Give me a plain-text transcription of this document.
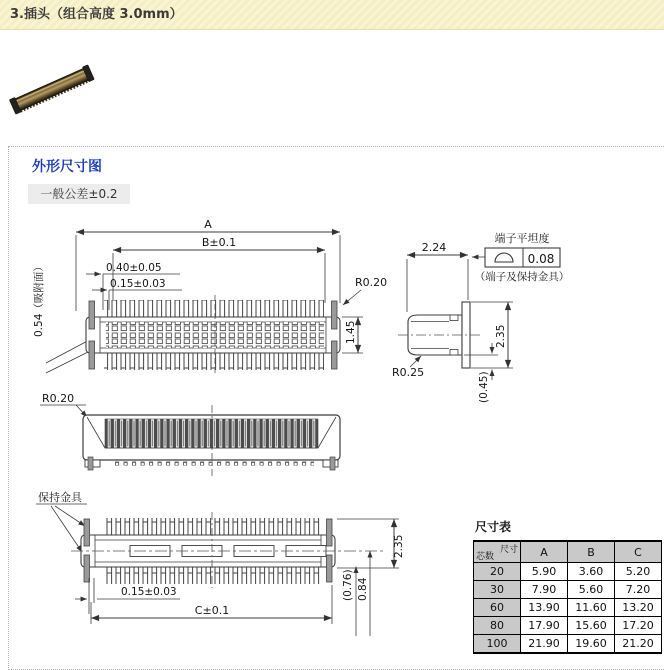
3.插头（组合高度 3.0mm）
外形尺寸图
一般公差±0.2
A
B±0.1
0.40±0.05
0.15±0.03
0.54（吸附面）	R0.20
1.45
R0.25
2.24
端子平坦度
0.08
（端子及保持金具）
2.35
(0.45)
R0.20
保持金具
2.35
(0.76) 0.84
0.15±0.03
C±0.1
尺寸表
尺寸
芯数	A	B	C
20	5.90	3.60	5.20
30	7.90	5.60	7.20
60	13.90	11.60	13.20
80	17.90	15.60	17.20
100	21.90	19.60	21.20
